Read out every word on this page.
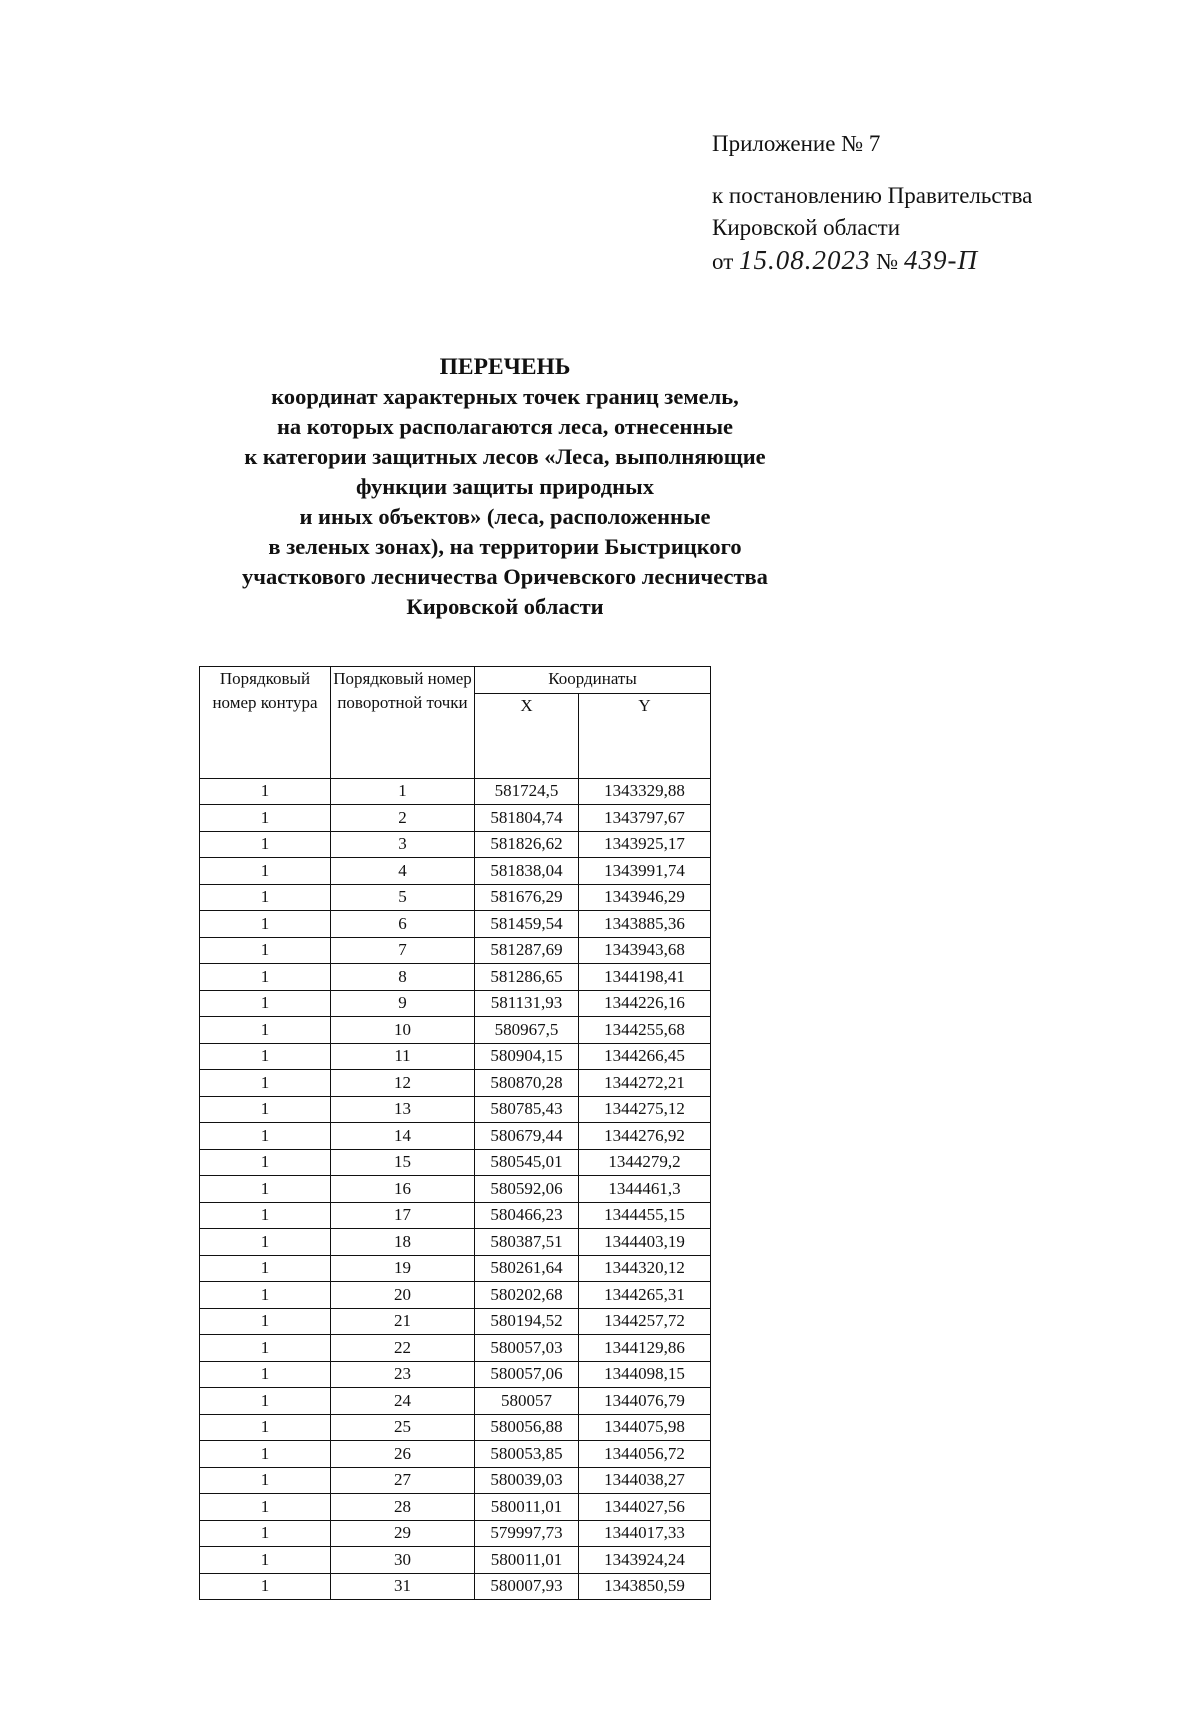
Приложение № 7
к постановлению Правительства
Кировской области
от 15.08.2023 № 439-П
ПЕРЕЧЕНЬ
координат характерных точек границ земель,
на которых располагаются леса, отнесенные
к категории защитных лесов «Леса, выполняющие
функции защиты природных
и иных объектов» (леса, расположенные
в зеленых зонах), на территории Быстрицкого
участкового лесничества Оричевского лесничества
Кировской области
Порядковый номер контура	Порядковый номер поворотной точки	Координаты	
		X	Y
1	1	581724,5	1343329,88
1	2	581804,74	1343797,67
1	3	581826,62	1343925,17
1	4	581838,04	1343991,74
1	5	581676,29	1343946,29
1	6	581459,54	1343885,36
1	7	581287,69	1343943,68
1	8	581286,65	1344198,41
1	9	581131,93	1344226,16
1	10	580967,5	1344255,68
1	11	580904,15	1344266,45
1	12	580870,28	1344272,21
1	13	580785,43	1344275,12
1	14	580679,44	1344276,92
1	15	580545,01	1344279,2
1	16	580592,06	1344461,3
1	17	580466,23	1344455,15
1	18	580387,51	1344403,19
1	19	580261,64	1344320,12
1	20	580202,68	1344265,31
1	21	580194,52	1344257,72
1	22	580057,03	1344129,86
1	23	580057,06	1344098,15
1	24	580057	1344076,79
1	25	580056,88	1344075,98
1	26	580053,85	1344056,72
1	27	580039,03	1344038,27
1	28	580011,01	1344027,56
1	29	579997,73	1344017,33
1	30	580011,01	1343924,24
1	31	580007,93	1343850,59
